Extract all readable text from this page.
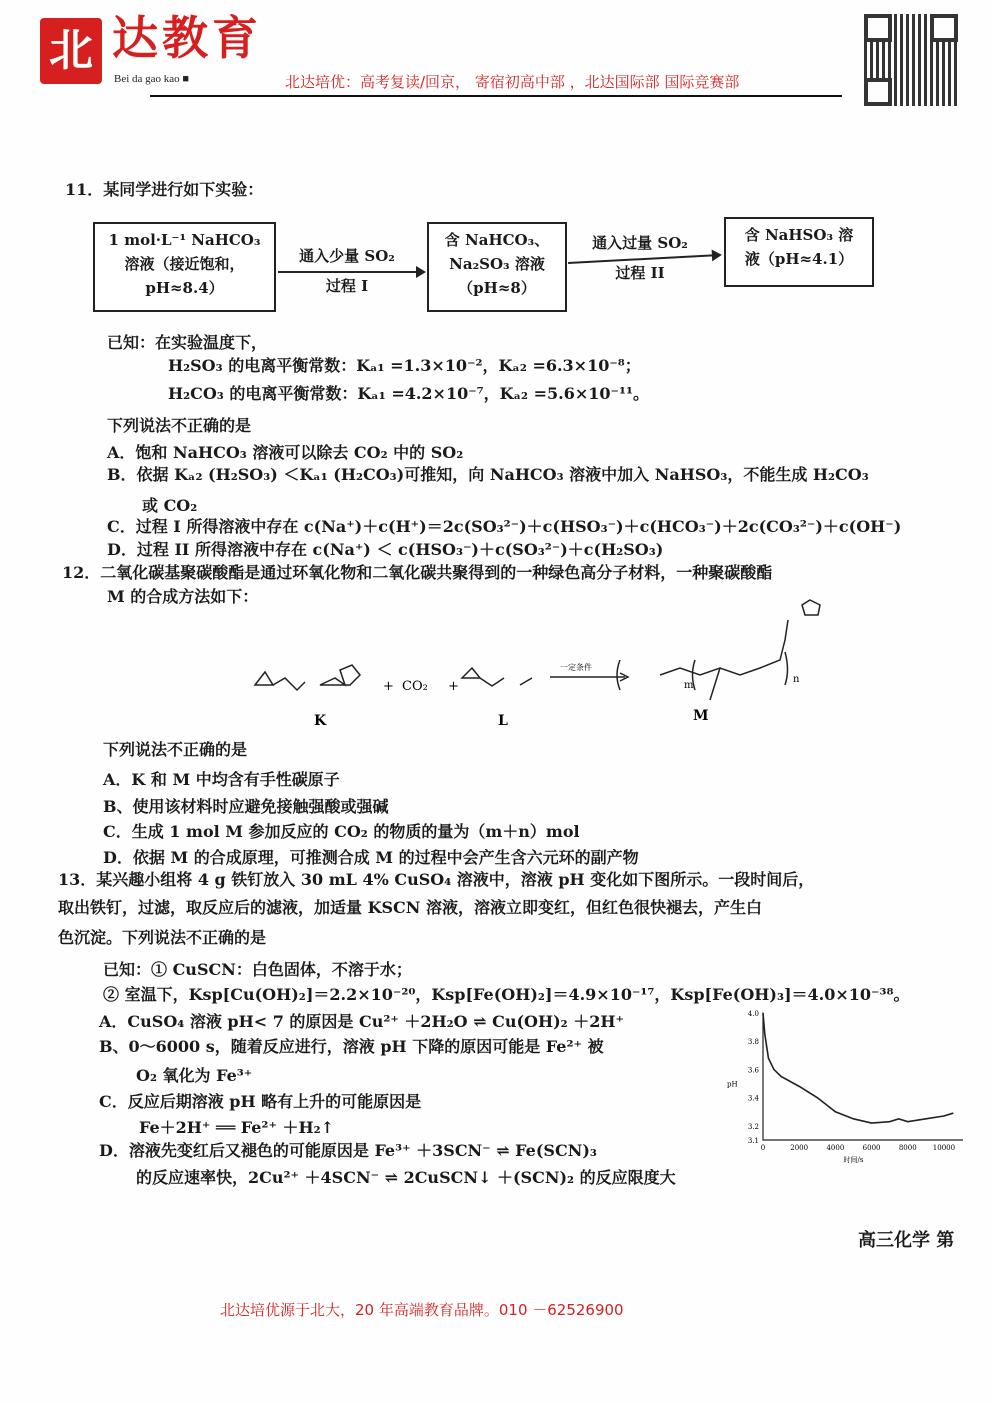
北 达教育
Bei da gao kao ■	北达培优：高考复读/回京， 寄宿初高中部 ，北达国际部 国际竞赛部
1 mol·L⁻¹ NaHCO₃
溶液（接近饱和，
pH≈8.4）
通入少量 SO₂
过程 I
含 NaHCO₃、
Na₂SO₃ 溶液
（pH≈8）
通入过量 SO₂
过程 II
含 NaHSO₃ 溶
液（pH≈4.1）
+ CO₂ +
一定条件
m
n
K	L	M
3.1
3.2
3.4
3.6
3.8
4.0
0	2000	4000	6000	8000 10000
pH
时间/s
高三化学 第
北达培优源于北大，20 年高端教育品牌。010 －62526900
11．某同学进行如下实验：
已知：在实验温度下，
H₂SO₃ 的电离平衡常数：Kₐ₁ =1.3×10⁻²，Kₐ₂ =6.3×10⁻⁸；
H₂CO₃ 的电离平衡常数：Kₐ₁ =4.2×10⁻⁷，Kₐ₂ =5.6×10⁻¹¹。
下列说法不正确的是
A．饱和 NaHCO₃ 溶液可以除去 CO₂ 中的 SO₂
B．依据 Kₐ₂ (H₂SO₃) ＜Kₐ₁ (H₂CO₃)可推知，向 NaHCO₃ 溶液中加入 NaHSO₃，不能生成 H₂CO₃
或 CO₂
C．过程 I 所得溶液中存在 c(Na⁺)＋c(H⁺)＝2c(SO₃²⁻)＋c(HSO₃⁻)＋c(HCO₃⁻)＋2c(CO₃²⁻)＋c(OH⁻)
D．过程 II 所得溶液中存在 c(Na⁺) ＜ c(HSO₃⁻)＋c(SO₃²⁻)＋c(H₂SO₃)
12．二氧化碳基聚碳酸酯是通过环氧化物和二氧化碳共聚得到的一种绿色高分子材料，一种聚碳酸酯
M 的合成方法如下：
下列说法不正确的是
A．K 和 M 中均含有手性碳原子
B、使用该材料时应避免接触强酸或强碱
C．生成 1 mol M 参加反应的 CO₂ 的物质的量为（m＋n）mol
D．依据 M 的合成原理，可推测合成 M 的过程中会产生含六元环的副产物
13．某兴趣小组将 4 g 铁钉放入 30 mL 4% CuSO₄ 溶液中，溶液 pH 变化如下图所示。一段时间后，
取出铁钉，过滤，取反应后的滤液，加适量 KSCN 溶液，溶液立即变红，但红色很快褪去，产生白
色沉淀。下列说法不正确的是
已知：① CuSCN：白色固体，不溶于水；
② 室温下，Ksp[Cu(OH)₂]＝2.2×10⁻²⁰，Ksp[Fe(OH)₂]＝4.9×10⁻¹⁷，Ksp[Fe(OH)₃]＝4.0×10⁻³⁸。
A．CuSO₄ 溶液 pH< 7 的原因是 Cu²⁺ ＋2H₂O ⇌ Cu(OH)₂ ＋2H⁺
B、0～6000 s，随着反应进行，溶液 pH 下降的原因可能是 Fe²⁺ 被
O₂ 氧化为 Fe³⁺
C．反应后期溶液 pH 略有上升的可能原因是
Fe＋2H⁺ ══ Fe²⁺ ＋H₂↑
D．溶液先变红后又褪色的可能原因是 Fe³⁺ ＋3SCN⁻ ⇌ Fe(SCN)₃
的反应速率快，2Cu²⁺ ＋4SCN⁻ ⇌ 2CuSCN↓ ＋(SCN)₂ 的反应限度大
